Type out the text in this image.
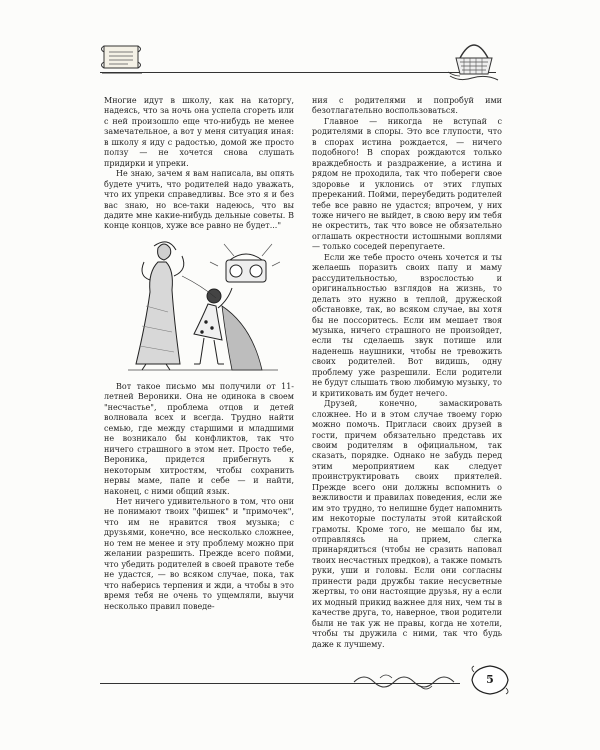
Многие идут в школу, как на каторгу, надеясь, что за ночь она успела сгореть или с ней произошло еще что-нибудь не менее замечательное, а вот у меня ситуация иная: в школу я иду с радостью, домой же просто ползу — не хочется снова слушать придирки и упреки.

Не знаю, зачем я вам написала, вы опять будете учить, что родителей надо уважать, что их упреки справедливы. Все это я и без вас знаю, но все-таки надеюсь, что вы дадите мне какие-нибудь дельные советы. В конце концов, хуже все равно не будет..."

Вот такое письмо мы получили от 11-летней Вероники. Она не одинока в своем "несчастье", проблема отцов и детей волновала всех и всегда. Трудно найти семью, где между старшими и младшими не возникало бы конфликтов, так что ничего страшного в этом нет. Просто тебе, Вероника, придется прибегнуть к некоторым хитростям, чтобы сохранить нервы маме, папе и себе — и найти, наконец, с ними общий язык.

Нет ничего удивительного в том, что они не понимают твоих "фишек" и "примочек", что им не нравится твоя музыка; с друзьями, конечно, все несколько сложнее, но тем не менее и эту проблему можно при желании разрешить. Прежде всего пойми, что убедить родителей в своей правоте тебе не удастся, — во всяком случае, пока, так что наберись терпения и жди, а чтобы в это время тебя не очень то ущемляли, выучи несколько правил поведе-

ния с родителями и попробуй ими безотлагательно воспользоваться.

Главное — никогда не вступай с родителями в споры. Это все глупости, что в спорах истина рождается, — ничего подобного! В спорах рождаются только враждебность и раздражение, а истина и рядом не проходила, так что побереги свое здоровье и уклонись от этих глупых пререканий. Пойми, переубедить родителей тебе все равно не удастся; впрочем, у них тоже ничего не выйдет, в свою веру им тебя не окрестить, так что вовсе не обязательно оглашать окрестности истошными воплями — только соседей перепугаете.

Если же тебе просто очень хочется и ты желаешь поразить своих папу и маму рассудительностью, взрослостью и оригинальностью взглядов на жизнь, то делать это нужно в теплой, дружеской обстановке, так, во всяком случае, вы хотя бы не поссоритесь. Если им мешает твоя музыка, ничего страшного не произойдет, если ты сделаешь звук потише или наденешь наушники, чтобы не тревожить своих родителей. Вот видишь, одну проблему уже разрешили. Если родители не будут слышать твою любимую музыку, то и критиковать им будет нечего.

Друзей, конечно, замаскировать сложнее. Но и в этом случае твоему горю можно помочь. Пригласи своих друзей в гости, причем обязательно представь их своим родителям в официальном, так сказать, порядке. Однако не забудь перед этим мероприятием как следует проинструктировать своих приятелей. Прежде всего они должны вспомнить о вежливости и правилах поведения, если же им это трудно, то нелишне будет напомнить им некоторые постулаты этой китайской грамоты. Кроме того, не мешало бы им, отправляясь на прием, слегка принарядиться (чтобы не сразить наповал твоих несчастных предков), а также помыть руки, уши и головы. Если они согласны принести ради дружбы такие несусветные жертвы, то они настоящие друзья, ну а если их модный прикид важнее для них, чем ты в качестве друга, то, наверное, твои родители были не так уж не правы, когда не хотели, чтобы ты дружила с ними, так что будь даже к лучшему.

5
